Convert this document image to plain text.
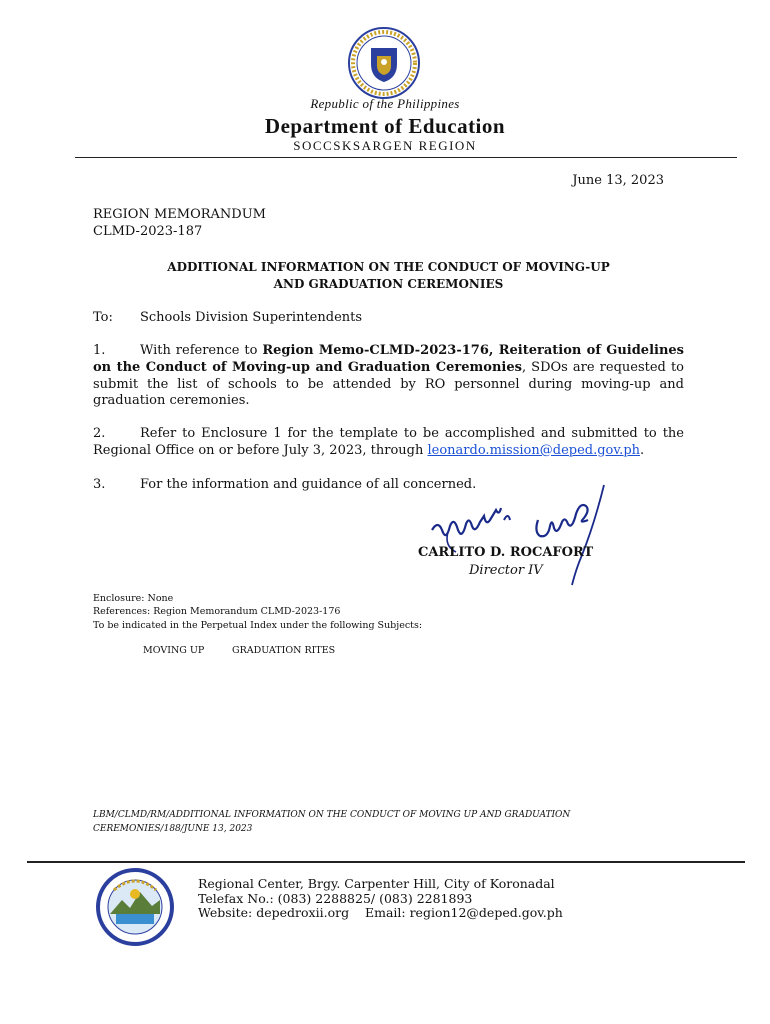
Republic of the Philippines
Department of Education
SOCCSKSARGEN REGION
June 13, 2023
REGION MEMORANDUM
CLMD-2023-187
ADDITIONAL INFORMATION ON THE CONDUCT OF MOVING-UP
AND GRADUATION CEREMONIES
To: Schools Division Superintendents
1.	With reference to Region Memo-CLMD-2023-176, Reiteration of Guidelines on the Conduct of Moving-up and Graduation Ceremonies, SDOs are requested to submit the list of schools to be attended by RO personnel during moving-up and graduation ceremonies.
2.	Refer to Enclosure 1 for the template to be accomplished and submitted to the Regional Office on or before July 3, 2023, through leonardo.mission@deped.gov.ph.
3.	For the information and guidance of all concerned.
CARLITO D. ROCAFORT
Director IV
Enclosure: None
References: Region Memorandum CLMD-2023-176
To be indicated in the Perpetual Index under the following Subjects:
MOVING UP	GRADUATION RITES
LBM/CLMD/RM/ADDITIONAL INFORMATION ON THE CONDUCT OF MOVING UP AND GRADUATION
CEREMONIES/188/JUNE 13, 2023
Regional Center, Brgy. Carpenter Hill, City of Koronadal
Telefax No.: (083) 2288825/ (083) 2281893
Website: depedroxii.org    Email: region12@deped.gov.ph
